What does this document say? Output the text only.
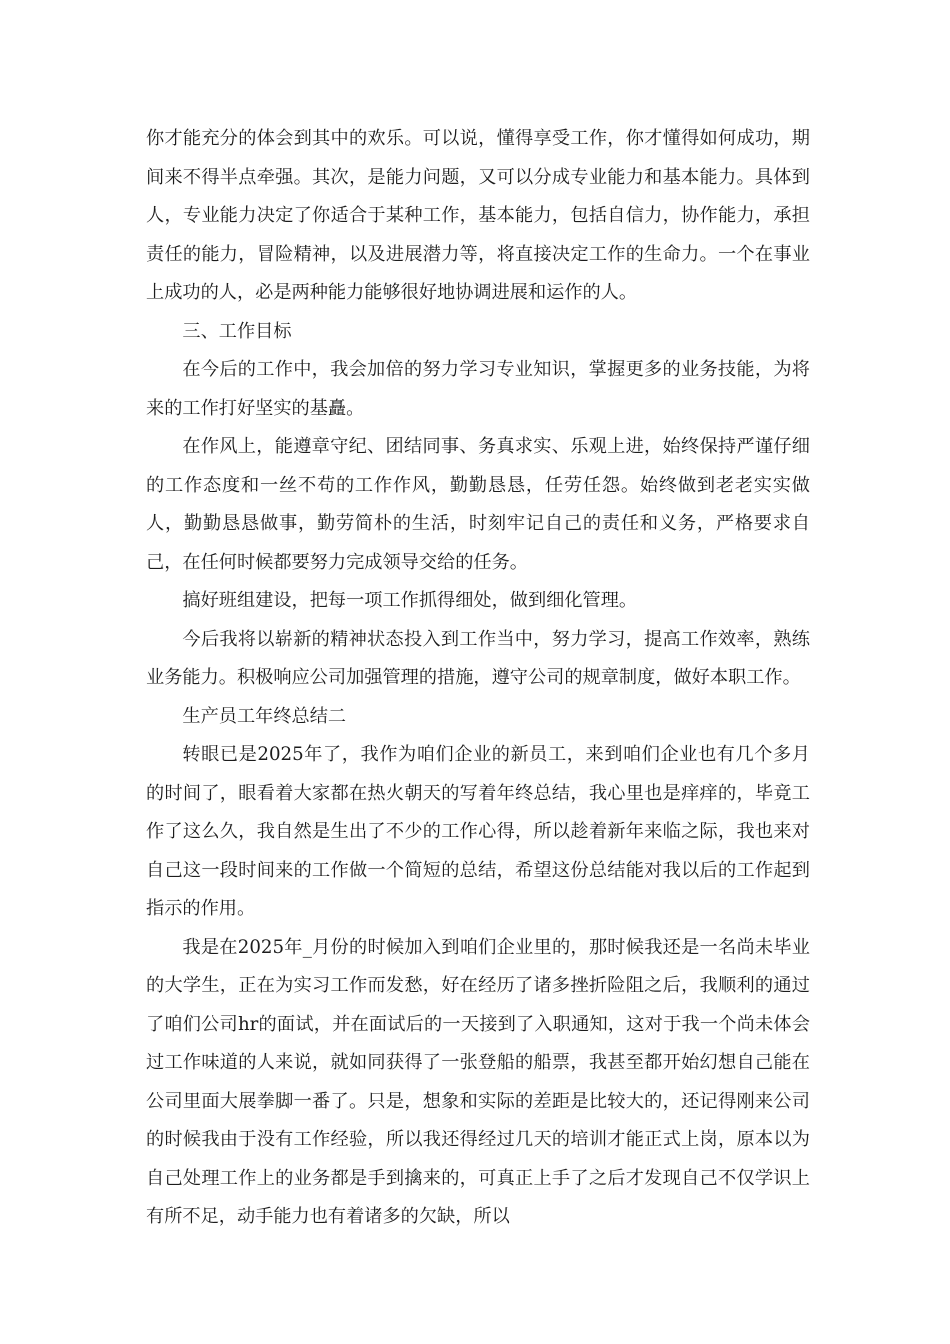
你才能充分的体会到其中的欢乐。可以说，懂得享受工作，你才懂得如何成功，期间来不得半点牵强。其次，是能力问题，又可以分成专业能力和基本能力。具体到人，专业能力决定了你适合于某种工作，基本能力，包括自信力，协作能力，承担责任的能力，冒险精神，以及进展潜力等，将直接决定工作的生命力。一个在事业上成功的人，必是两种能力能够很好地协调进展和运作的人。

三、工作目标

在今后的工作中，我会加倍的努力学习专业知识，掌握更多的业务技能，为将来的工作打好坚实的基矗。

在作风上，能遵章守纪、团结同事、务真求实、乐观上进，始终保持严谨仔细的工作态度和一丝不苟的工作作风，勤勤恳恳，任劳任怨。始终做到老老实实做人，勤勤恳恳做事，勤劳简朴的生活，时刻牢记自己的责任和义务，严格要求自己，在任何时候都要努力完成领导交给的任务。

搞好班组建设，把每一项工作抓得细处，做到细化管理。

今后我将以崭新的精神状态投入到工作当中，努力学习，提高工作效率，熟练业务能力。积极响应公司加强管理的措施，遵守公司的规章制度，做好本职工作。

生产员工年终总结二

转眼已是2025年了，我作为咱们企业的新员工，来到咱们企业也有几个多月的时间了，眼看着大家都在热火朝天的写着年终总结，我心里也是痒痒的，毕竟工作了这么久，我自然是生出了不少的工作心得，所以趁着新年来临之际，我也来对自己这一段时间来的工作做一个简短的总结，希望这份总结能对我以后的工作起到指示的作用。

我是在2025年_月份的时候加入到咱们企业里的，那时候我还是一名尚未毕业的大学生，正在为实习工作而发愁，好在经历了诸多挫折险阻之后，我顺利的通过了咱们公司hr的面试，并在面试后的一天接到了入职通知，这对于我一个尚未体会过工作味道的人来说，就如同获得了一张登船的船票，我甚至都开始幻想自己能在公司里面大展拳脚一番了。只是，想象和实际的差距是比较大的，还记得刚来公司的时候我由于没有工作经验，所以我还得经过几天的培训才能正式上岗，原本以为自己处理工作上的业务都是手到擒来的，可真正上手了之后才发现自己不仅学识上有所不足，动手能力也有着诸多的欠缺，所以
